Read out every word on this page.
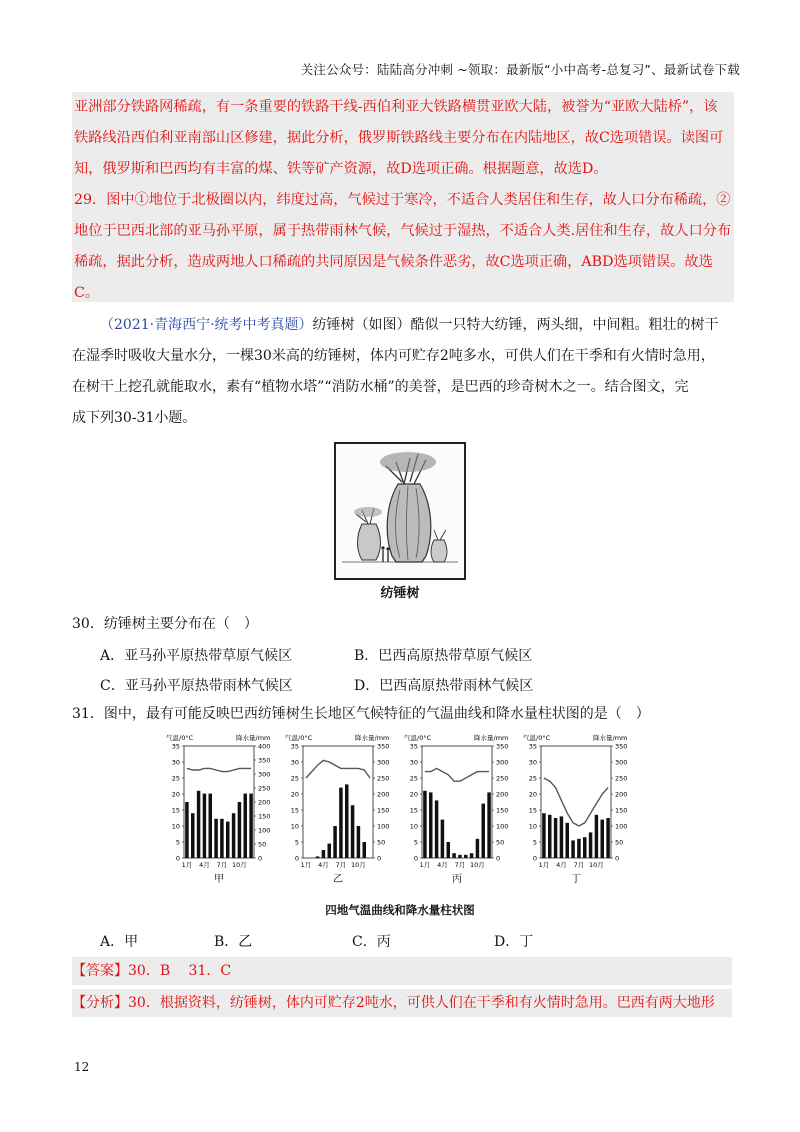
关注公众号：陆陆高分冲刺 ~领取：最新版“小中高考-总复习”、最新试卷下载

亚洲部分铁路网稀疏，有一条重要的铁路干线-西伯利亚大铁路横贯亚欧大陆，被誉为“亚欧大陆桥”，该

铁路线沿西伯利亚南部山区修建，据此分析，俄罗斯铁路线主要分布在内陆地区，故C选项错误。读图可

知，俄罗斯和巴西均有丰富的煤、铁等矿产资源，故D选项正确。根据题意，故选D。

29．图中①地位于北极圈以内，纬度过高，气候过于寒冷，不适合人类居住和生存，故人口分布稀疏，②

地位于巴西北部的亚马孙平原，属于热带雨林气候，气候过于湿热，不适合人类.居住和生存，故人口分布

稀疏，据此分析，造成两地人口稀疏的共同原因是气候条件恶劣，故C选项正确，ABD选项错误。故选

C。

（2021·青海西宁·统考中考真题）纺锤树（如图）酷似一只特大纺锤，两头细，中间粗。粗壮的树干

在湿季时吸收大量水分，一棵30米高的纺锤树，体内可贮存2吨多水，可供人们在干季和有火情时急用，

在树干上挖孔就能取水，素有“植物水塔”“消防水桶”的美誉，是巴西的珍奇树木之一。结合图文，完

成下列30-31小题。

纺锤树
30．纺锤树主要分布在（　）
A．亚马孙平原热带草原气候区	B．巴西高原热带草原气候区
C．亚马孙平原热带雨林气候区	D．巴西高原热带雨林气候区
31．图中，最有可能反映巴西纺锤树生长地区气候特征的气温曲线和降水量柱状图的是（　）
气温/0°C	降水量/mm
0
5
10
15
20
25
30
35
0
50
100
150
200
250
300
350
400
1月 4月 7月 10月
甲
气温/0°C	降水量/mm
0
5
10
15
20
25
30
35
0
50
100
150
200
250
300
350
1月 4月 7月 10月
乙
气温/0°C	降水量/mm
0
5
10
15
20
25
30
35
0
50
100
150
200
250
300
350
1月 4月 7月 10月
丙
气温/0°C	降水量/mm
0
5
10
15
20
25
30
35
0
50
100
150
200
250
300
350
1月 4月 7月 10月
丁
四地气温曲线和降水量柱状图
A．甲	B．乙	C．丙	D．丁
【答案】30．B　 31．C
【分析】30．根据资料，纺锤树，体内可贮存2吨水，可供人们在干季和有火情时急用。巴西有两大地形
12
